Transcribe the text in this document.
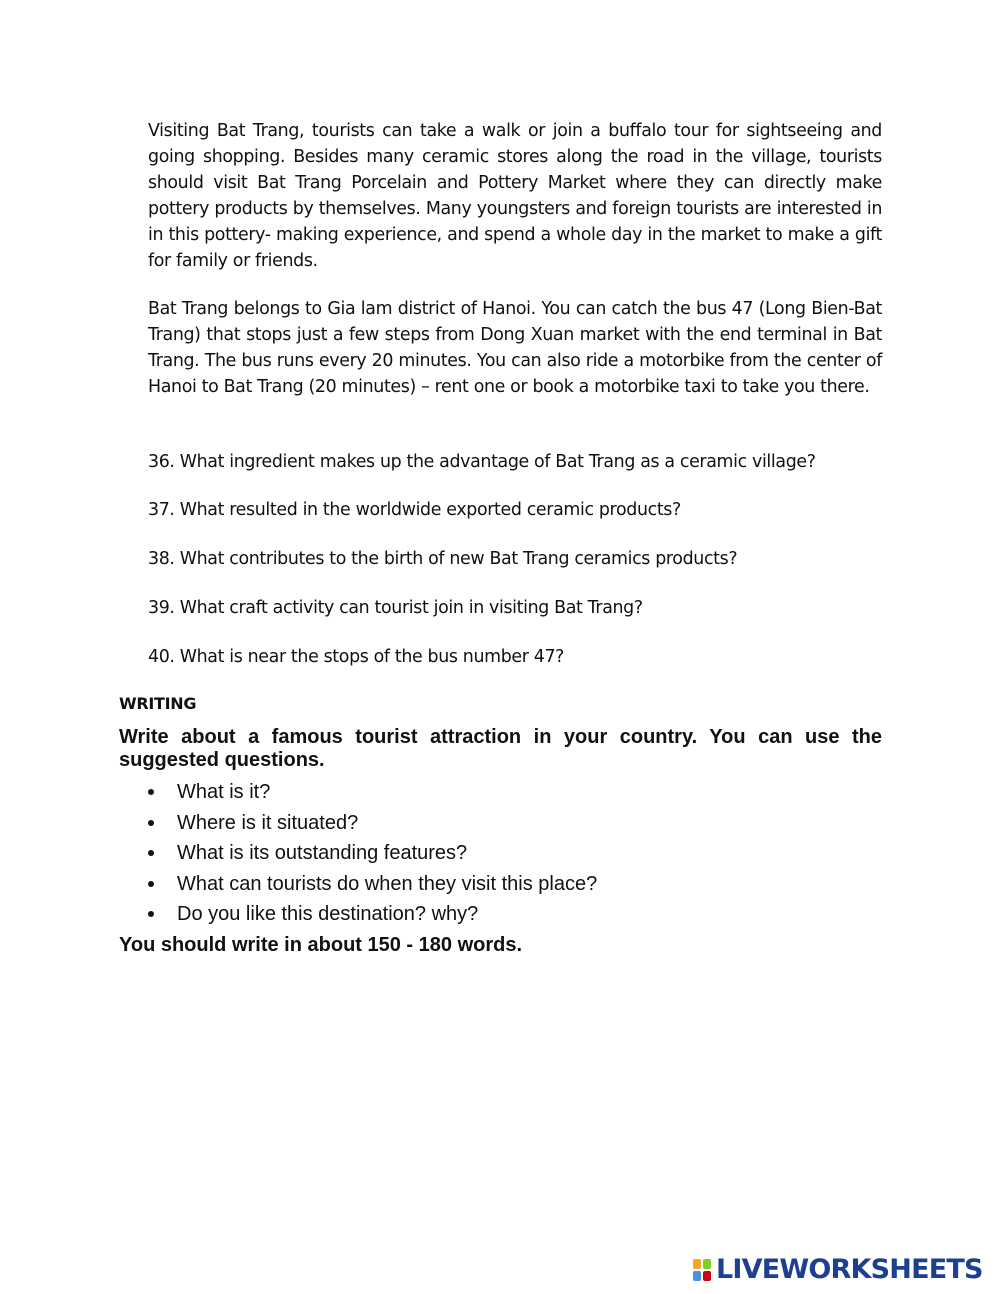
Visiting Bat Trang, tourists can take a walk or join a buffalo tour for sightseeing and going shopping. Besides many ceramic stores along the road in the village, tourists should visit Bat Trang Porcelain and Pottery Market where they can directly make pottery products by themselves. Many youngsters and foreign tourists are interested in in this pottery- making experience, and spend a whole day in the market to make a gift for family or friends.

Bat Trang belongs to Gia lam district of Hanoi. You can catch the bus 47 (Long Bien-Bat Trang) that stops just a few steps from Dong Xuan market with the end terminal in Bat Trang. The bus runs every 20 minutes. You can also ride a motorbike from the center of Hanoi to Bat Trang (20 minutes) – rent one or book a motorbike taxi to take you there.

36. What ingredient makes up the advantage of Bat Trang as a ceramic village?

37. What resulted in the worldwide exported ceramic products?

38. What contributes to the birth of new Bat Trang ceramics products?

39. What craft activity can tourist join in visiting Bat Trang?

40. What is near the stops of the bus number 47?

WRITING

Write about a famous tourist attraction in your country. You can use the suggested questions.

What is it?
Where is it situated?
What is its outstanding features?
What can tourists do when they visit this place?
Do you like this destination? why?

You should write in about 150 - 180 words.

LIVEWORKSHEETS
